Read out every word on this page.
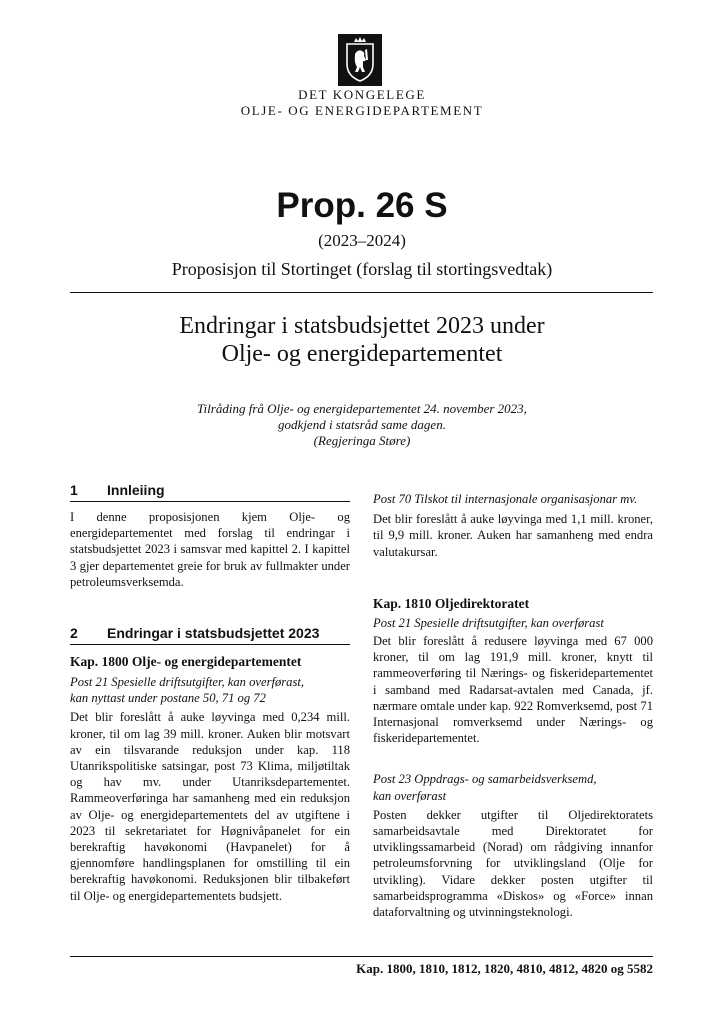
DET KONGELEGE
OLJE- OG ENERGIDEPARTEMENT
Prop. 26 S
(2023–2024)
Proposisjon til Stortinget (forslag til stortingsvedtak)
Endringar i statsbudsjettet 2023 under
Olje- og energidepartementet
Tilråding frå Olje- og energidepartementet 24. november 2023,
godkjend i statsråd same dagen.
(Regjeringa Støre)
1 Innleiing

I denne proposisjonen kjem Olje- og energidepartementet med forslag til endringar i statsbudsjettet 2023 i samsvar med kapittel 2. I kapittel 3 gjer departementet greie for bruk av fullmakter under petroleumsverksemda.

2 Endringar i statsbudsjettet 2023
Kap. 1800 Olje- og energidepartementet
Post 21 Spesielle driftsutgifter, kan overførast,
kan nyttast under postane 50, 71 og 72

Det blir foreslått å auke løyvinga med 0,234 mill. kroner, til om lag 39 mill. kroner. Auken blir motsvart av ein tilsvarande reduksjon under kap. 118 Utanrikspolitiske satsingar, post 73 Klima, miljøtiltak og hav mv. under Utanriksdepartementet. Rammeoverføringa har samanheng med ein reduksjon av Olje- og energidepartementets del av utgiftene i 2023 til sekretariatet for Høgnivåpanelet for ein berekraftig havøkonomi (Havpanelet) for å gjennomføre handlingsplanen for omstilling til ein berekraftig havøkonomi. Reduksjonen blir tilbakeført til Olje- og energidepartementets budsjett.

Post 70 Tilskot til internasjonale organisasjonar mv.

Det blir foreslått å auke løyvinga med 1,1 mill. kroner, til 9,9 mill. kroner. Auken har samanheng med endra valutakursar.

Kap. 1810 Oljedirektoratet
Post 21 Spesielle driftsutgifter, kan overførast

Det blir foreslått å redusere løyvinga med 67 000 kroner, til om lag 191,9 mill. kroner, knytt til rammeoverføring til Nærings- og fiskeridepartementet i samband med Radarsat-avtalen med Canada, jf. nærmare omtale under kap. 922 Romverksemd, post 71 Internasjonal romverksemd under Nærings- og fiskeridepartementet.

Post 23 Oppdrags- og samarbeidsverksemd,
kan overførast

Posten dekker utgifter til Oljedirektoratets samarbeidsavtale med Direktoratet for utviklingssamarbeid (Norad) om rådgiving innanfor petroleumsforvning for utviklingsland (Olje for utvikling). Vidare dekker posten utgifter til samarbeidsprogramma «Diskos» og «Force» innan dataforvaltning og utvinningsteknologi.

Kap. 1800, 1810, 1812, 1820, 4810, 4812, 4820 og 5582
